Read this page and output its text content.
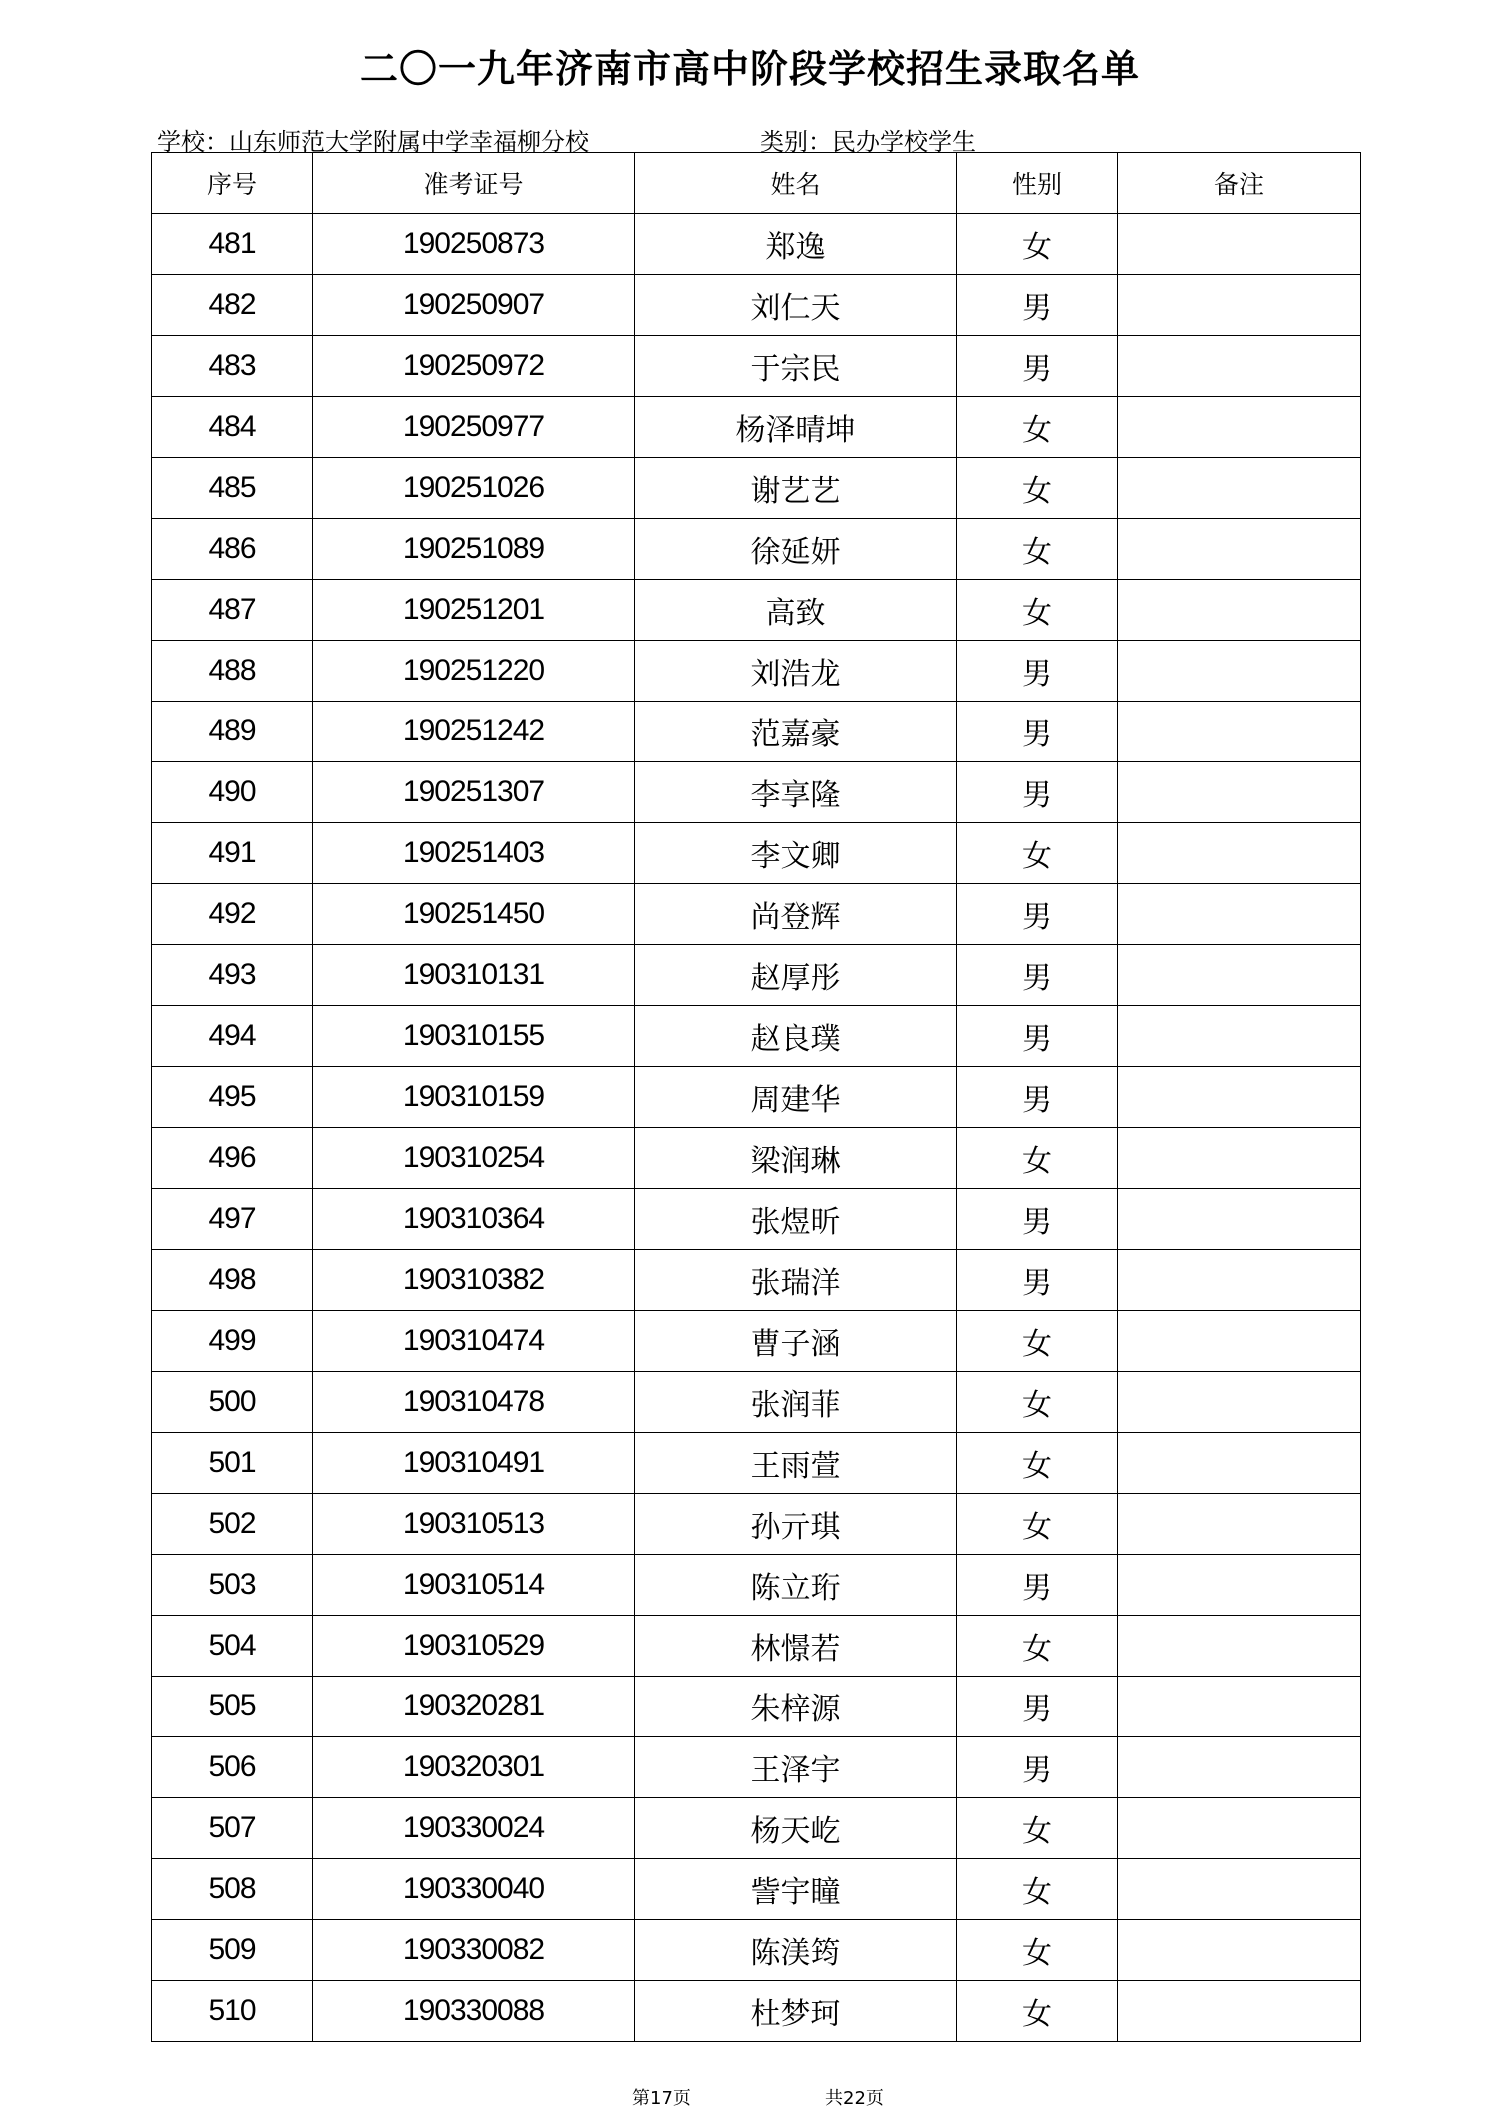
二〇一九年济南市高中阶段学校招生录取名单
学校：山东师范大学附属中学幸福柳分校	类别：民办学校学生
序号	准考证号	姓名	性别	备注
481	190250873	郑逸	女	
482	190250907	刘仁天	男	
483	190250972	于宗民	男	
484	190250977	杨泽晴坤	女	
485	190251026	谢艺艺	女	
486	190251089	徐延妍	女	
487	190251201	高致	女	
488	190251220	刘浩龙	男	
489	190251242	范嘉豪	男	
490	190251307	李享隆	男	
491	190251403	李文卿	女	
492	190251450	尚登辉	男	
493	190310131	赵厚彤	男	
494	190310155	赵良璞	男	
495	190310159	周建华	男	
496	190310254	梁润琳	女	
497	190310364	张煜昕	男	
498	190310382	张瑞洋	男	
499	190310474	曹子涵	女	
500	190310478	张润菲	女	
501	190310491	王雨萱	女	
502	190310513	孙亓琪	女	
503	190310514	陈立珩	男	
504	190310529	林憬若	女	
505	190320281	朱梓源	男	
506	190320301	王泽宇	男	
507	190330024	杨天屹	女	
508	190330040	訾宇瞳	女	
509	190330082	陈渼筠	女	
510	190330088	杜梦珂	女	
第17页	共22页
